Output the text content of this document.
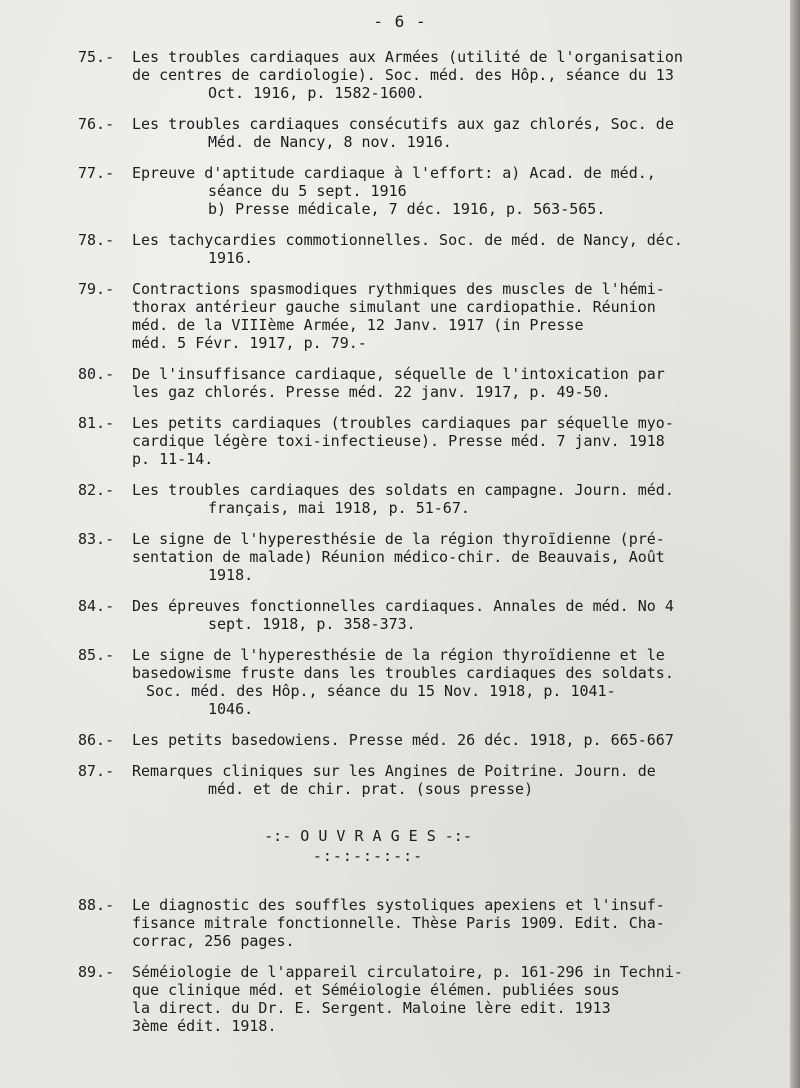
- 6 -
75.-	Les troubles cardiaques aux Armées (utilité de l'organisation
de centres de cardiologie). Soc. méd. des Hôp., séance du 13
Oct. 1916, p. 1582-1600.
76.-	Les troubles cardiaques consécutifs aux gaz chlorés, Soc. de
Méd. de Nancy, 8 nov. 1916.
77.-	Epreuve d'aptitude cardiaque à l'effort: a) Acad. de méd.,
séance du 5 sept. 1916
b) Presse médicale, 7 déc. 1916, p. 563-565.
78.-	Les tachycardies commotionnelles. Soc. de méd. de Nancy, déc.
1916.
79.-	Contractions spasmodiques rythmiques des muscles de l'hémi-
thorax antérieur gauche simulant une cardiopathie. Réunion
méd. de la VIIIème Armée, 12 Janv. 1917 (in Presse
méd. 5 Févr. 1917, p. 79.-
80.-	De l'insuffisance cardiaque, séquelle de l'intoxication par
les gaz chlorés. Presse méd. 22 janv. 1917, p. 49-50.
81.-	Les petits cardiaques (troubles cardiaques par séquelle myo-
cardique légère toxi-infectieuse). Presse méd. 7 janv. 1918
p. 11-14.
82.-	Les troubles cardiaques des soldats en campagne. Journ. méd.
français, mai 1918, p. 51-67.
83.-	Le signe de l'hyperesthésie de la région thyroïdienne (pré-
sentation de malade) Réunion médico-chir. de Beauvais, Août
1918.
84.-	Des épreuves fonctionnelles cardiaques. Annales de méd. No 4
sept. 1918, p. 358-373.
85.-	Le signe de l'hyperesthésie de la région thyroïdienne et le
basedowisme fruste dans les troubles cardiaques des soldats.
Soc. méd. des Hôp., séance du 15 Nov. 1918, p. 1041-
1046.
86.-	Les petits basedowiens. Presse méd. 26 déc. 1918, p. 665-667
87.-	Remarques cliniques sur les Angines de Poitrine. Journ. de
méd. et de chir. prat. (sous presse)
-:- O U V R A G E S -:-
-:-:-:-:-:-
88.-	Le diagnostic des souffles systoliques apexiens et l'insuf-
fisance mitrale fonctionnelle. Thèse Paris 1909. Edit. Cha-
corrac, 256 pages.
89.-	Séméiologie de l'appareil circulatoire, p. 161-296 in Techni-
que clinique méd. et Séméiologie élémen. publiées sous
la direct. du Dr. E. Sergent. Maloine lère edit. 1913
3ème édit. 1918.
